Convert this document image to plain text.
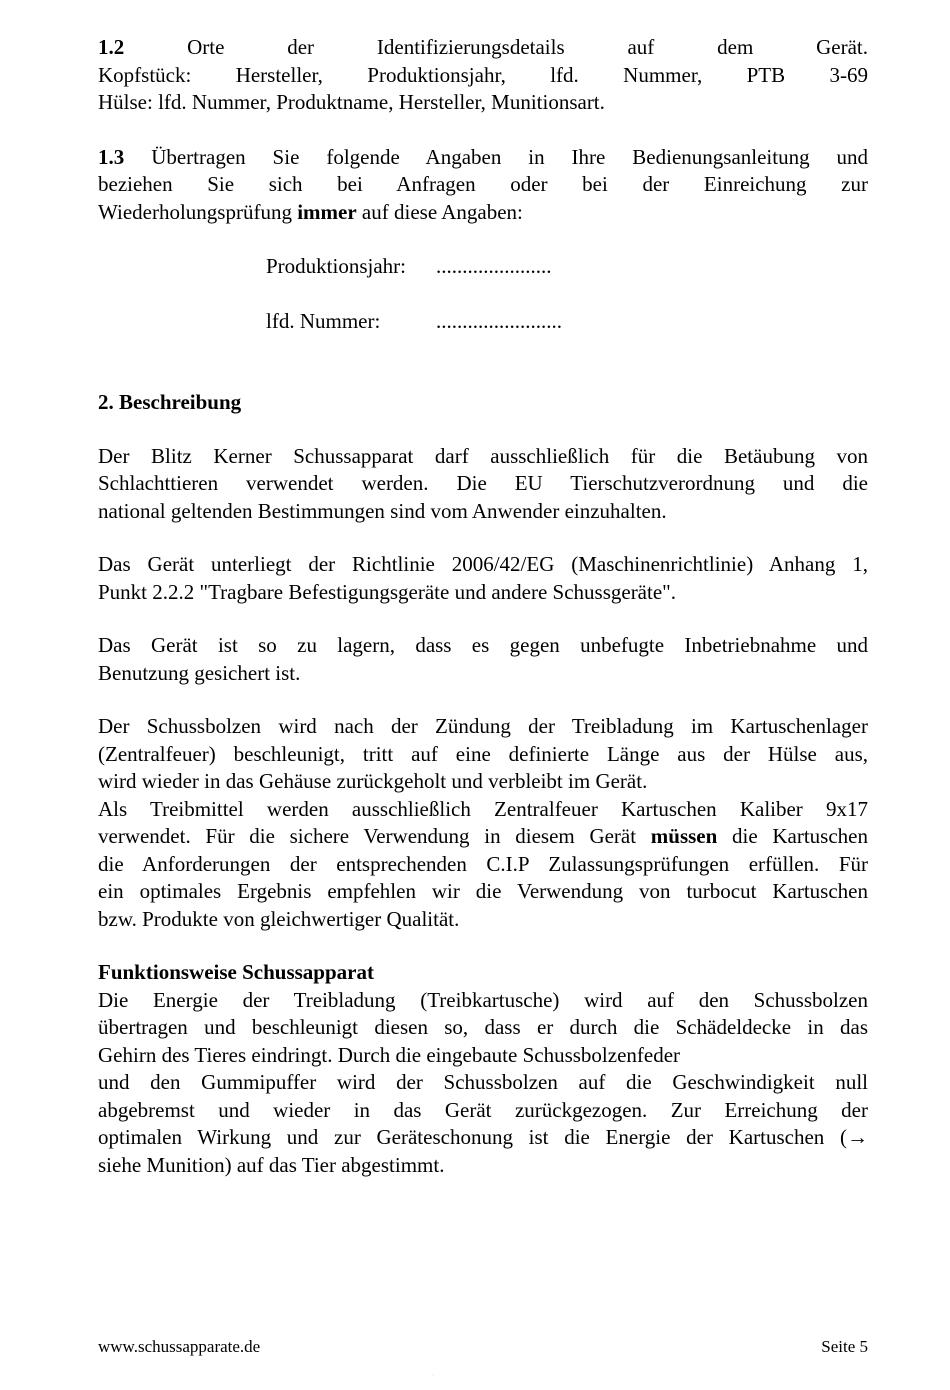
1.2	Orte der Identifizierungsdetails auf dem Gerät.

Kopfstück: Hersteller, Produktionsjahr, lfd. Nummer, PTB 3-69

Hülse: lfd. Nummer, Produktname, Hersteller, Munitionsart.

1.3 Übertragen Sie folgende Angaben in Ihre Bedienungsanleitung und

beziehen Sie sich bei Anfragen oder bei der Einreichung zur

Wiederholungsprüfung immer auf diese Angaben:

Produktionsjahr: ......................
lfd. Nummer:	........................

2. Beschreibung

Der Blitz Kerner Schussapparat darf ausschließlich für die Betäubung von

Schlachttieren verwendet werden. Die EU Tierschutzverordnung und die

national geltenden Bestimmungen sind vom Anwender einzuhalten.

Das Gerät unterliegt der Richtlinie 2006/42/EG (Maschinenrichtlinie) Anhang 1,

Punkt 2.2.2 "Tragbare Befestigungsgeräte und andere Schussgeräte".

Das Gerät ist so zu lagern, dass es gegen unbefugte Inbetriebnahme und

Benutzung gesichert ist.

Der Schussbolzen wird nach der Zündung der Treibladung im Kartuschenlager

(Zentralfeuer) beschleunigt, tritt auf eine definierte Länge aus der Hülse aus,

wird wieder in das Gehäuse zurückgeholt und verbleibt im Gerät.

Als Treibmittel werden ausschließlich Zentralfeuer Kartuschen Kaliber 9x17

verwendet. Für die sichere Verwendung in diesem Gerät müssen die Kartuschen

die Anforderungen der entsprechenden C.I.P Zulassungsprüfungen erfüllen. Für

ein optimales Ergebnis empfehlen wir die Verwendung von turbocut Kartuschen

bzw. Produkte von gleichwertiger Qualität.

Funktionsweise Schussapparat

Die Energie der Treibladung (Treibkartusche) wird auf den Schussbolzen

übertragen und beschleunigt diesen so, dass er durch die Schädeldecke in das

Gehirn des Tieres eindringt. Durch die eingebaute Schussbolzenfeder

und den Gummipuffer wird der Schussbolzen auf die Geschwindigkeit null

abgebremst und wieder in das Gerät zurückgezogen. Zur Erreichung der

optimalen Wirkung und zur Geräteschonung ist die Energie der Kartuschen (→

siehe Munition) auf das Tier abgestimmt.

www.schussapparate.de	Seite 5
·
